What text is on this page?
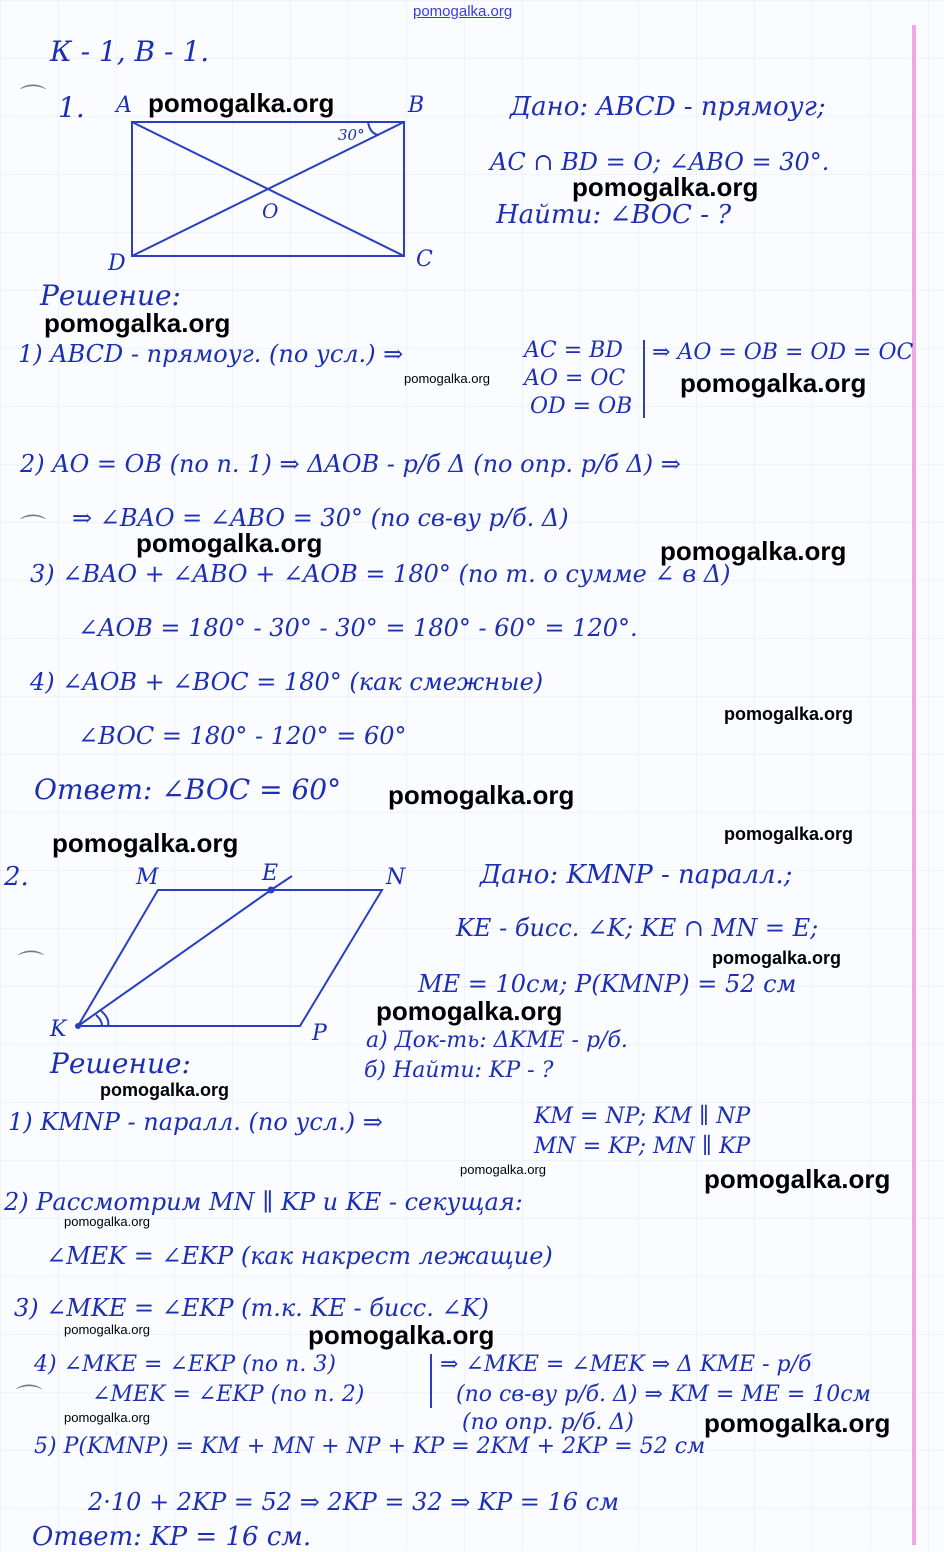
pomogalka.org
⌒
⌒
⌒
⌒
К - 1, В - 1.
1. A	B
C
D
O
30°
Дано: ABCD - прямоуг;
AC ∩ BD = O; ∠ABO = 30°.
Найти: ∠BOC - ?
Решение:
1) ABCD - прямоуг. (по усл.) ⇒	AC = BD
AO = OC
OD = OB
⇒ AO = OB = OD = OC
2) AO = OB (по п. 1) ⇒ ΔAOB - р/б Δ (по опр. р/б Δ) ⇒
⇒ ∠BAO = ∠ABO = 30° (по св-ву р/б. Δ)
3) ∠BAO + ∠ABO + ∠AOB = 180° (по т. о сумме ∠ в Δ)
∠AOB = 180° - 30° - 30° = 180° - 60° = 120°.
4) ∠AOB + ∠BOC = 180° (как смежные)
∠BOC = 180° - 120° = 60°
Ответ: ∠BOC = 60°
2.	M	E	N
K	P
Дано: KMNP - паралл.;
KE - бисс. ∠K; KE ∩ MN = E;
ME = 10см; P(KMNP) = 52 см
а) Док-ть: ΔKME - р/б.
б) Найти: KP - ?
Решение:
1) KMNP - паралл. (по усл.) ⇒	KM = NP; KM ∥ NP
MN = KP; MN ∥ KP
2) Рассмотрим MN ∥ KP и KE - секущая:
∠MEK = ∠EKP (как накрест лежащие)
3) ∠MKE = ∠EKP (т.к. KE - бисс. ∠K)
4) ∠MKE = ∠EKP (по п. 3)
∠MEK = ∠EKP (по п. 2)
⇒ ∠MKE = ∠MEK ⇒ Δ KME - р/б
(по св-ву р/б. Δ) ⇒ KM = ME = 10см
(по опр. р/б. Δ)
5) P(KMNP) = KM + MN + NP + KP = 2KM + 2KP = 52 см
2·10 + 2KP = 52 ⇒ 2KP = 32 ⇒ KP = 16 см
Ответ: KP = 16 см.
pomogalka.org
pomogalka.org
pomogalka.org
pomogalka.org	pomogalka.org
pomogalka.org	pomogalka.org
pomogalka.org
pomogalka.org
pomogalka.org
pomogalka.org
pomogalka.org
pomogalka.org
pomogalka.org
pomogalka.org	pomogalka.org
pomogalka.org
pomogalka.org	pomogalka.org
pomogalka.org	pomogalka.org
